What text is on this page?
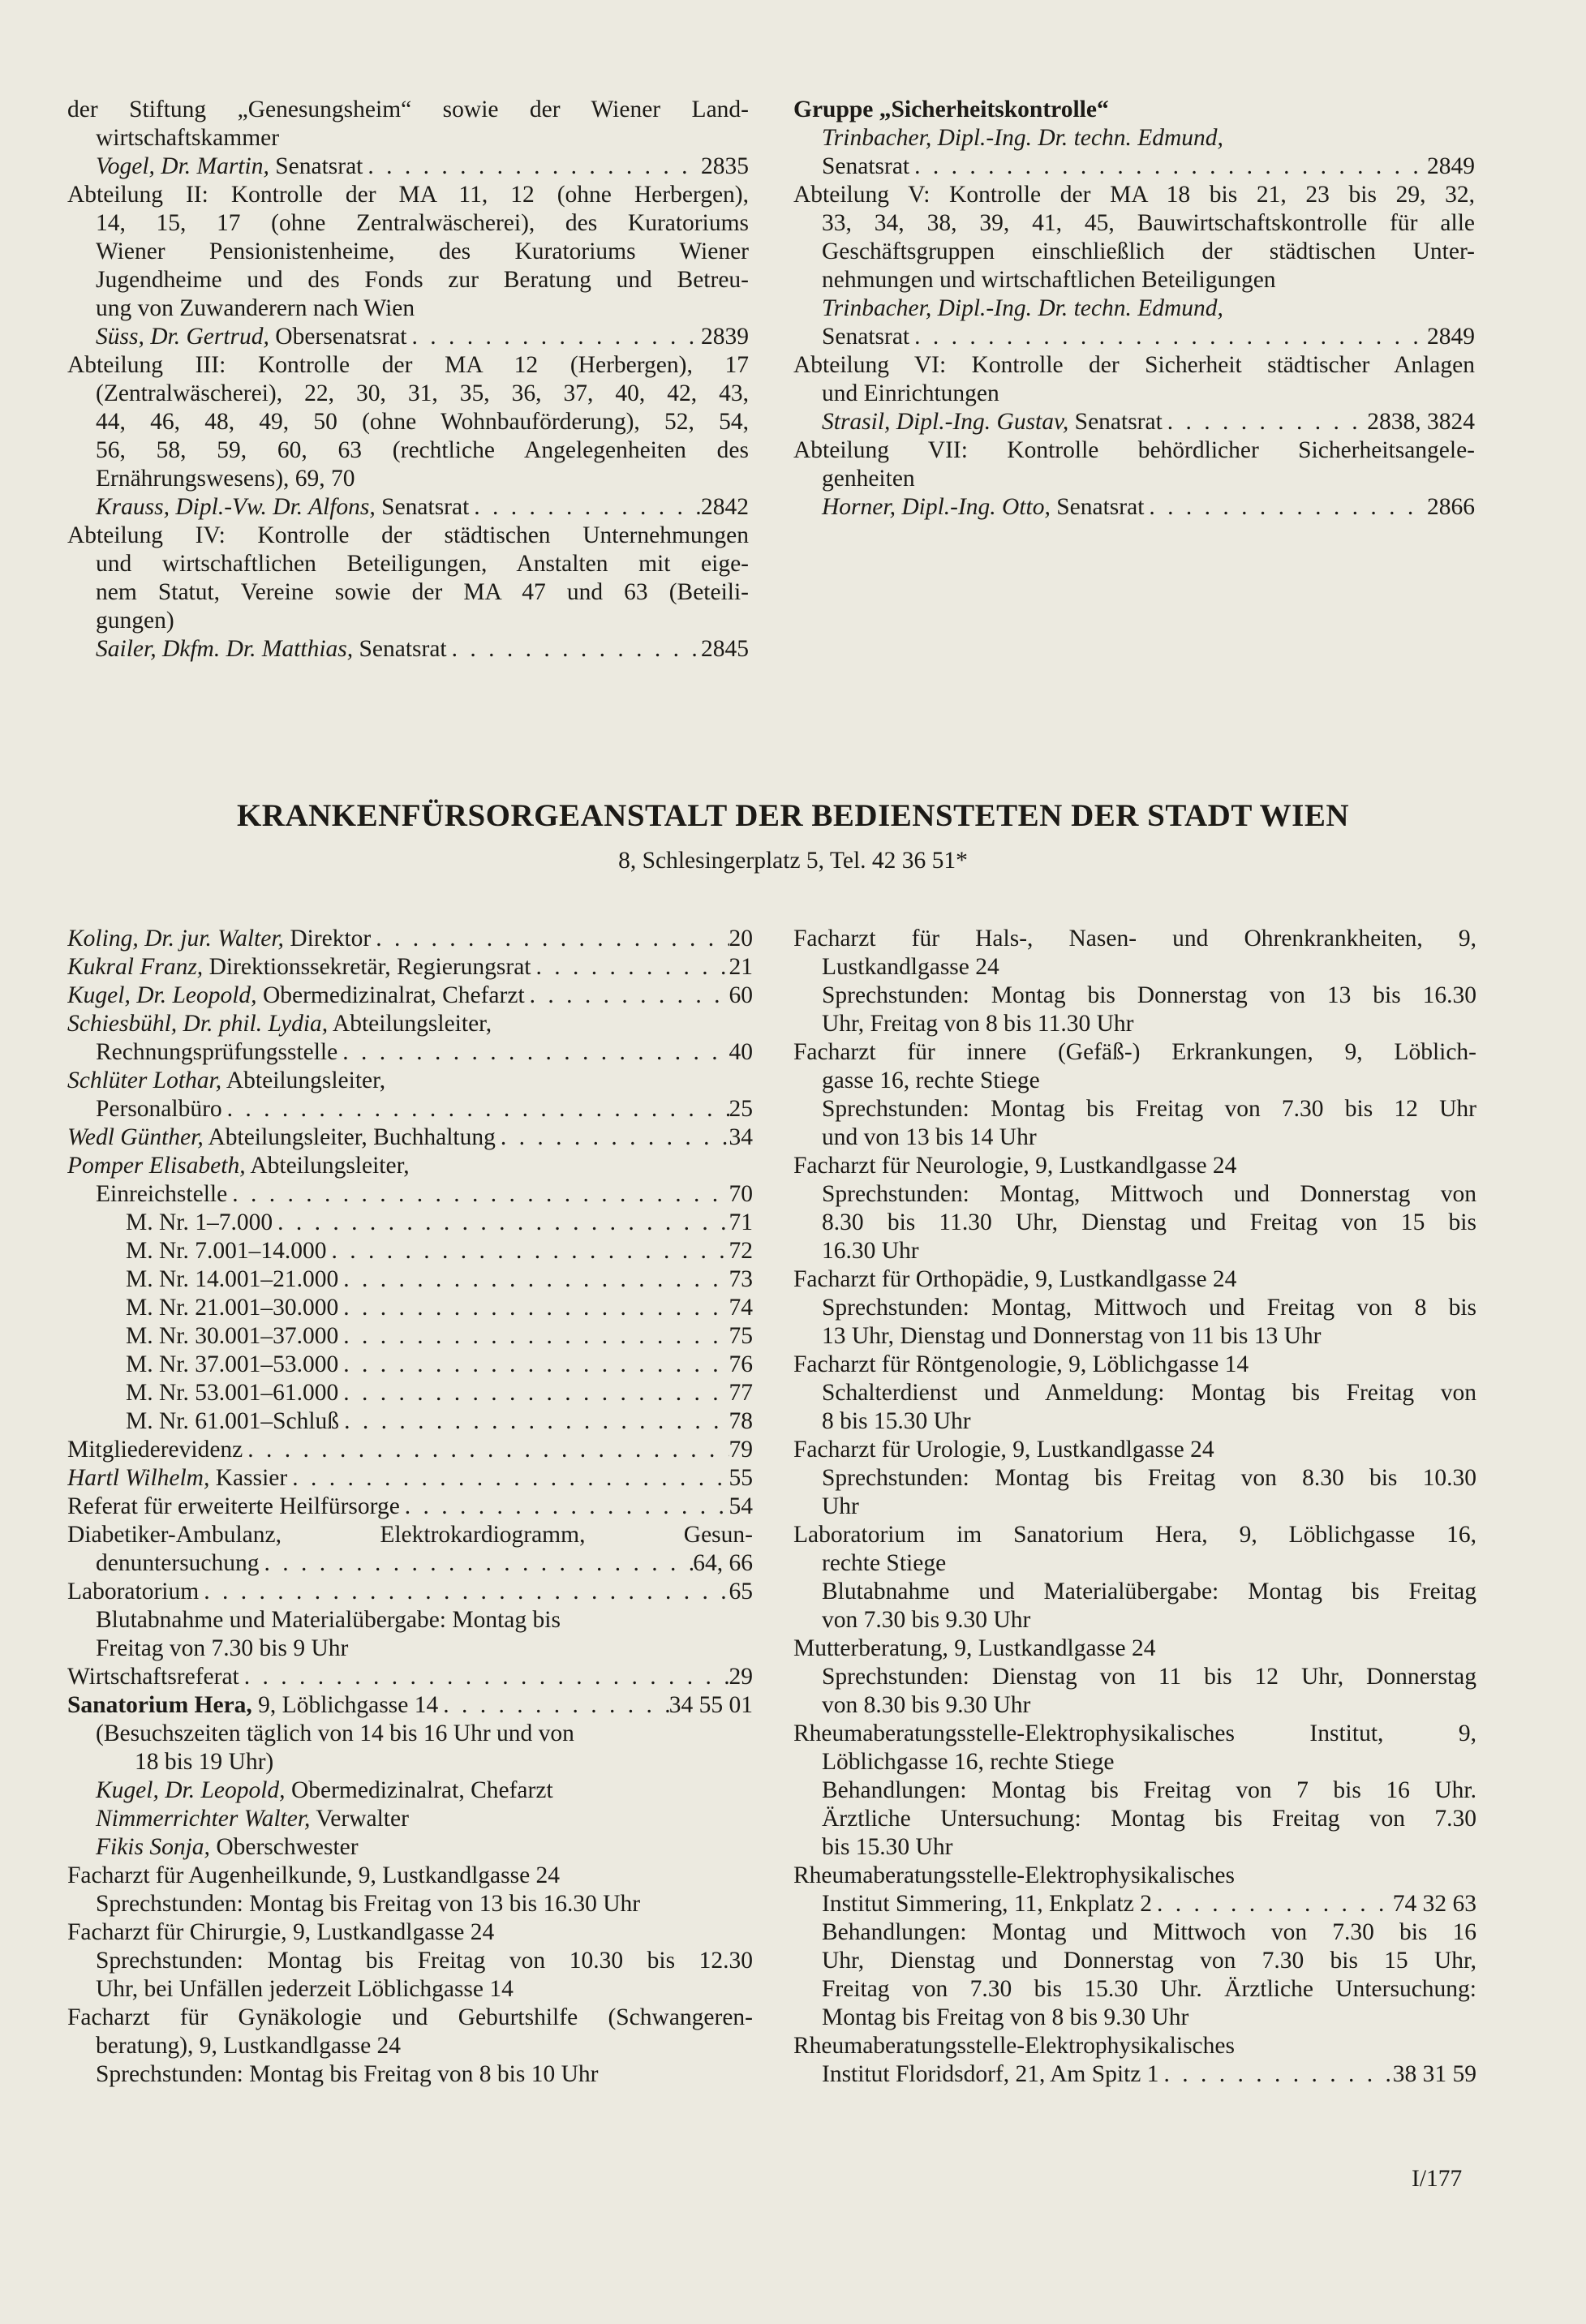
der Stiftung „Genesungsheim“ sowie der Wiener Land-
wirtschaftskammer
Vogel, Dr. Martin, Senatsrat . . .	2835
Abteilung II: Kontrolle der MA 11, 12 (ohne Herbergen),
14, 15, 17 (ohne Zentralwäscherei), des Kuratoriums
Wiener Pensionistenheime, des Kuratoriums Wiener
Jugendheime und des Fonds zur Beratung und Betreu-
ung von Zuwanderern nach Wien
Süss, Dr. Gertrud, Obersenatsrat . . .	2839
Abteilung III: Kontrolle der MA 12 (Herbergen), 17
(Zentralwäscherei), 22, 30, 31, 35, 36, 37, 40, 42, 43,
44, 46, 48, 49, 50 (ohne Wohnbauförderung), 52, 54,
56, 58, 59, 60, 63 (rechtliche Angelegenheiten des
Ernährungswesens), 69, 70
Krauss, Dipl.-Vw. Dr. Alfons, Senatsrat . . .	2842
Abteilung IV: Kontrolle der städtischen Unternehmungen
und wirtschaftlichen Beteiligungen, Anstalten mit eige-
nem Statut, Vereine sowie der MA 47 und 63 (Beteili-
gungen)
Sailer, Dkfm. Dr. Matthias, Senatsrat . . .	2845
Gruppe „Sicherheitskontrolle“
Trinbacher, Dipl.-Ing. Dr. techn. Edmund,
Senatsrat . . .	2849
Abteilung V: Kontrolle der MA 18 bis 21, 23 bis 29, 32,
33, 34, 38, 39, 41, 45, Bauwirtschaftskontrolle für alle
Geschäftsgruppen einschließlich der städtischen Unter-
nehmungen und wirtschaftlichen Beteiligungen
Trinbacher, Dipl.-Ing. Dr. techn. Edmund,
Senatsrat . . .	2849
Abteilung VI: Kontrolle der Sicherheit städtischer Anlagen
und Einrichtungen
Strasil, Dipl.-Ing. Gustav, Senatsrat . . .	2838, 3824
Abteilung VII: Kontrolle behördlicher Sicherheitsangele-
genheiten
Horner, Dipl.-Ing. Otto, Senatsrat . . .	2866
KRANKENFÜRSORGEANSTALT DER BEDIENSTETEN DER STADT WIEN
8, Schlesingerplatz 5, Tel. 42 36 51*
Koling, Dr. jur. Walter, Direktor . . .	20
Kukral Franz, Direktionssekretär, Regierungsrat . . .	21
Kugel, Dr. Leopold, Obermedizinalrat, Chefarzt . . .	60
Schiesbühl, Dr. phil. Lydia, Abteilungsleiter,
Rechnungsprüfungsstelle . . .	40
Schlüter Lothar, Abteilungsleiter,
Personalbüro . . .	25
Wedl Günther, Abteilungsleiter, Buchhaltung . . .	34
Pomper Elisabeth, Abteilungsleiter,
Einreichstelle . . .	70
M. Nr. 1–7.000 . . .	71
M. Nr. 7.001–14.000 . . .	72
M. Nr. 14.001–21.000 . . .	73
M. Nr. 21.001–30.000 . . .	74
M. Nr. 30.001–37.000 . . .	75
M. Nr. 37.001–53.000 . . .	76
M. Nr. 53.001–61.000 . . .	77
M. Nr. 61.001–Schluß . . .	78
Mitgliederevidenz . . .	79
Hartl Wilhelm, Kassier . . .	55
Referat für erweiterte Heilfürsorge . . .	54
Diabetiker-Ambulanz, Elektrokardiogramm, Gesun-
denuntersuchung . . .	64, 66
Laboratorium . . .	65
Blutabnahme und Materialübergabe: Montag bis
Freitag von 7.30 bis 9 Uhr
Wirtschaftsreferat . . .	29
Sanatorium Hera, 9, Löblichgasse 14 . . .	34 55 01
(Besuchszeiten täglich von 14 bis 16 Uhr und von
18 bis 19 Uhr)
Kugel, Dr. Leopold, Obermedizinalrat, Chefarzt
Nimmerrichter Walter, Verwalter
Fikis Sonja, Oberschwester
Facharzt für Augenheilkunde, 9, Lustkandlgasse 24
Sprechstunden: Montag bis Freitag von 13 bis 16.30 Uhr
Facharzt für Chirurgie, 9, Lustkandlgasse 24
Sprechstunden: Montag bis Freitag von 10.30 bis 12.30
Uhr, bei Unfällen jederzeit Löblichgasse 14
Facharzt für Gynäkologie und Geburtshilfe (Schwangeren-
beratung), 9, Lustkandlgasse 24
Sprechstunden: Montag bis Freitag von 8 bis 10 Uhr
Facharzt für Hals-, Nasen- und Ohrenkrankheiten, 9,
Lustkandlgasse 24
Sprechstunden: Montag bis Donnerstag von 13 bis 16.30
Uhr, Freitag von 8 bis 11.30 Uhr
Facharzt für innere (Gefäß-) Erkrankungen, 9, Löblich-
gasse 16, rechte Stiege
Sprechstunden: Montag bis Freitag von 7.30 bis 12 Uhr
und von 13 bis 14 Uhr
Facharzt für Neurologie, 9, Lustkandlgasse 24
Sprechstunden: Montag, Mittwoch und Donnerstag von
8.30 bis 11.30 Uhr, Dienstag und Freitag von 15 bis
16.30 Uhr
Facharzt für Orthopädie, 9, Lustkandlgasse 24
Sprechstunden: Montag, Mittwoch und Freitag von 8 bis
13 Uhr, Dienstag und Donnerstag von 11 bis 13 Uhr
Facharzt für Röntgenologie, 9, Löblichgasse 14
Schalterdienst und Anmeldung: Montag bis Freitag von
8 bis 15.30 Uhr
Facharzt für Urologie, 9, Lustkandlgasse 24
Sprechstunden: Montag bis Freitag von 8.30 bis 10.30
Uhr
Laboratorium im Sanatorium Hera, 9, Löblichgasse 16,
rechte Stiege
Blutabnahme und Materialübergabe: Montag bis Freitag
von 7.30 bis 9.30 Uhr
Mutterberatung, 9, Lustkandlgasse 24
Sprechstunden: Dienstag von 11 bis 12 Uhr, Donnerstag
von 8.30 bis 9.30 Uhr
Rheumaberatungsstelle-Elektrophysikalisches Institut, 9,
Löblichgasse 16, rechte Stiege
Behandlungen: Montag bis Freitag von 7 bis 16 Uhr.
Ärztliche Untersuchung: Montag bis Freitag von 7.30
bis 15.30 Uhr
Rheumaberatungsstelle-Elektrophysikalisches
Institut Simmering, 11, Enkplatz 2 . . .	74 32 63
Behandlungen: Montag und Mittwoch von 7.30 bis 16
Uhr, Dienstag und Donnerstag von 7.30 bis 15 Uhr,
Freitag von 7.30 bis 15.30 Uhr. Ärztliche Untersuchung:
Montag bis Freitag von 8 bis 9.30 Uhr
Rheumaberatungsstelle-Elektrophysikalisches
Institut Floridsdorf, 21, Am Spitz 1 . . .	38 31 59
I/177
